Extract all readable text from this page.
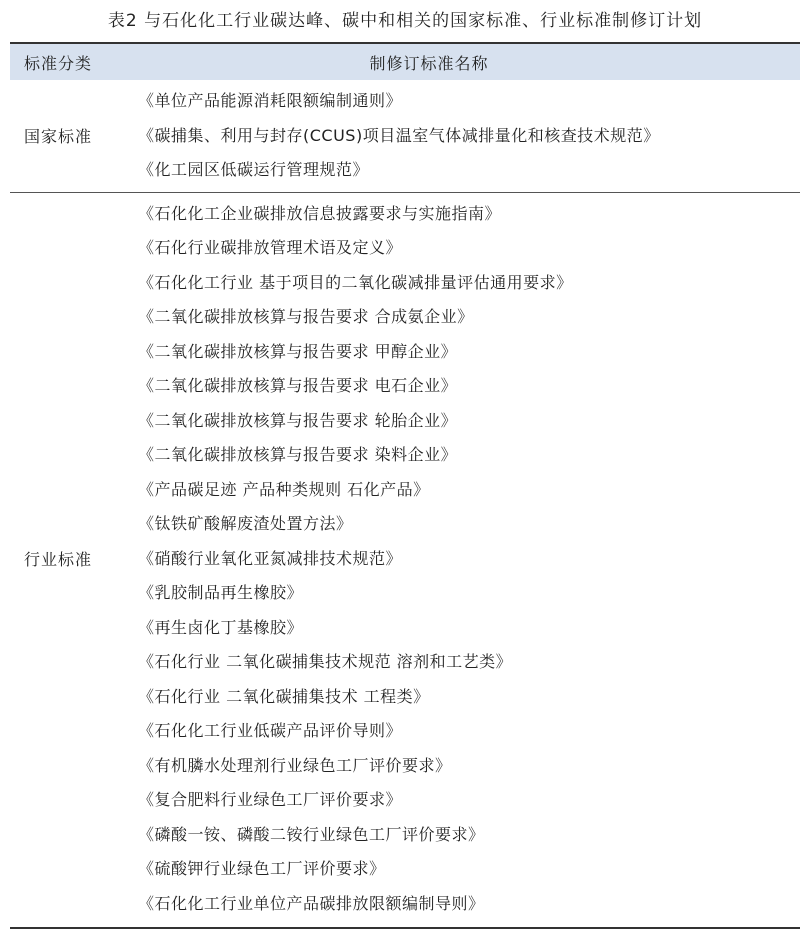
表2 与石化化工行业碳达峰、碳中和相关的国家标准、行业标准制修订计划
标准分类	制修订标准名称
国家标准
《单位产品能源消耗限额编制通则》
《碳捕集、利用与封存(CCUS)项目温室气体减排量化和核查技术规范》
《化工园区低碳运行管理规范》
行业标准
《石化化工企业碳排放信息披露要求与实施指南》
《石化行业碳排放管理术语及定义》
《石化化工行业 基于项目的二氧化碳减排量评估通用要求》
《二氧化碳排放核算与报告要求 合成氨企业》
《二氧化碳排放核算与报告要求 甲醇企业》
《二氧化碳排放核算与报告要求 电石企业》
《二氧化碳排放核算与报告要求 轮胎企业》
《二氧化碳排放核算与报告要求 染料企业》
《产品碳足迹 产品种类规则 石化产品》
《钛铁矿酸解废渣处置方法》
《硝酸行业氧化亚氮减排技术规范》
《乳胶制品再生橡胶》
《再生卤化丁基橡胶》
《石化行业 二氧化碳捕集技术规范 溶剂和工艺类》
《石化行业 二氧化碳捕集技术 工程类》
《石化化工行业低碳产品评价导则》
《有机膦水处理剂行业绿色工厂评价要求》
《复合肥料行业绿色工厂评价要求》
《磷酸一铵、磷酸二铵行业绿色工厂评价要求》
《硫酸钾行业绿色工厂评价要求》
《石化化工行业单位产品碳排放限额编制导则》
